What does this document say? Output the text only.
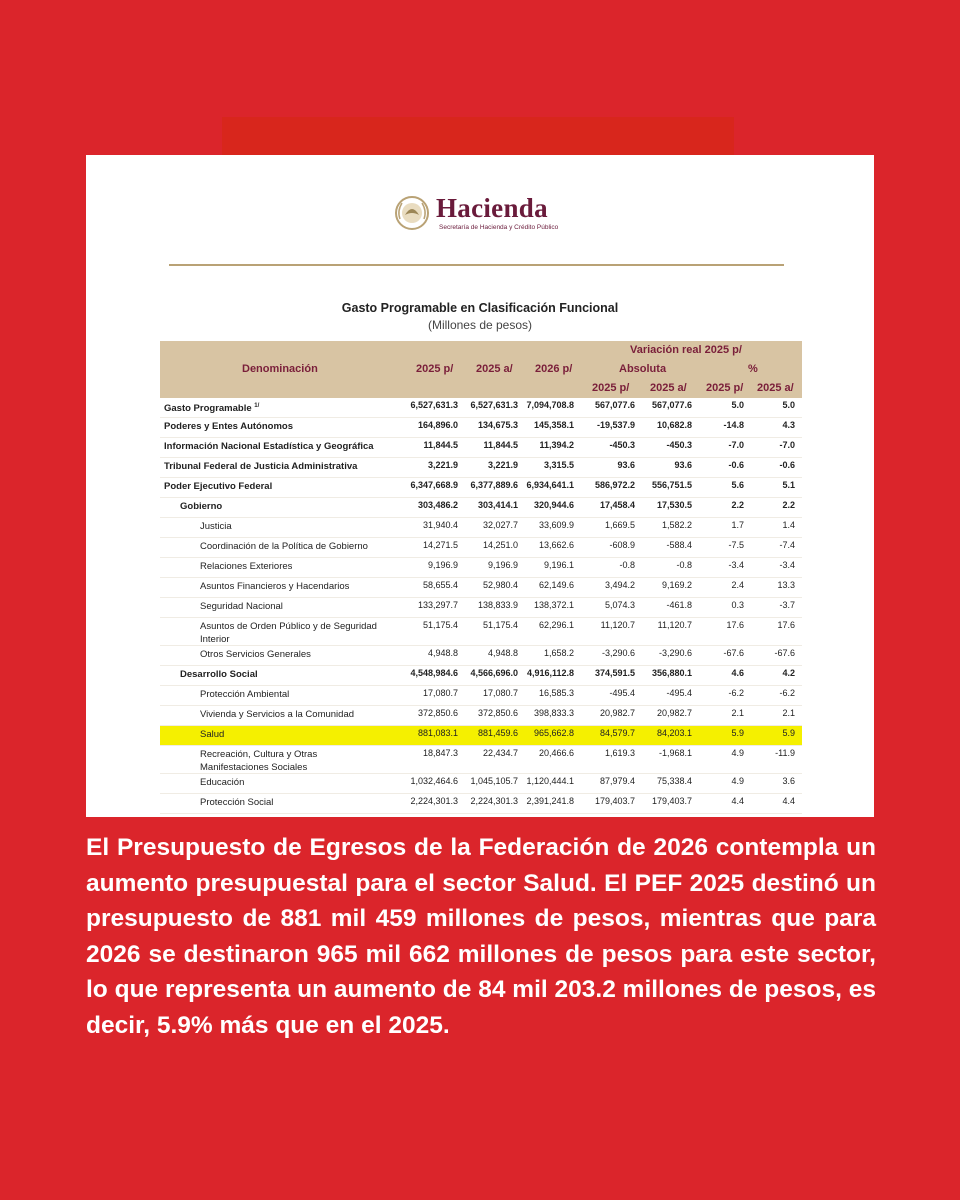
Hacienda
Secretaría de Hacienda y Crédito Público
Gasto Programable en Clasificación Funcional
(Millones de pesos)
Denominación	2025 p/ 2025 a/ 2026 p/
Variación real 2025 p/
Absoluta	%
2025 p/ 2025 a/ 2025 p/ 2025 a/
Gasto Programable $^{1/}$	6,527,631.3 6,527,631.3 7,094,708.8 567,077.6 567,077.6	5.0	5.0
Poderes y Entes Autónomos	164,896.0 134,675.3 145,358.1	-19,537.9 10,682.8	-14.8	4.3
Información Nacional Estadística y Geográfica	11,844.5	11,844.5 11,394.2	-450.3	-450.3	-7.0	-7.0
Tribunal Federal de Justicia Administrativa	3,221.9	3,221.9	3,315.5	93.6	93.6	-0.6	-0.6
Poder Ejecutivo Federal	6,347,668.9 6,377,889.6 6,934,641.1 586,972.2 556,751.5	5.6	5.1
Gobierno	303,486.2 303,414.1 320,944.6	17,458.4 17,530.5	2.2	2.2
Justicia	31,940.4	32,027.7 33,609.9	1,669.5	1,582.2	1.7	1.4
Coordinación de la Política de Gobierno	14,271.5	14,251.0 13,662.6	-608.9	-588.4	-7.5	-7.4
Relaciones Exteriores	9,196.9	9,196.9	9,196.1	-0.8	-0.8	-3.4	-3.4
Asuntos Financieros y Hacendarios	58,655.4	52,980.4 62,149.6	3,494.2	9,169.2	2.4	13.3
Seguridad Nacional	133,297.7 138,833.9 138,372.1	5,074.3	-461.8	0.3	-3.7
Asuntos de Orden Público y de Seguridad
Interior
51,175.4	51,175.4 62,296.1	11,120.7	11,120.7	17.6	17.6
Otros Servicios Generales	4,948.8	4,948.8	1,658.2	-3,290.6	-3,290.6	-67.6	-67.6
Desarrollo Social	4,548,984.6 4,566,696.0 4,916,112.8 374,591.5 356,880.1	4.6	4.2
Protección Ambiental	17,080.7	17,080.7 16,585.3	-495.4	-495.4	-6.2	-6.2
Vivienda y Servicios a la Comunidad	372,850.6 372,850.6 398,833.3	20,982.7 20,982.7	2.1	2.1
Salud	881,083.1 881,459.6 965,662.8	84,579.7 84,203.1	5.9	5.9
Recreación, Cultura y Otras
Manifestaciones Sociales
18,847.3	22,434.7 20,466.6	1,619.3	-1,968.1	4.9	-11.9
Educación	1,032,464.6 1,045,105.7 1,120,444.1	87,979.4 75,338.4	4.9	3.6
Protección Social	2,224,301.3 2,224,301.3 2,391,241.8 179,403.7 179,403.7	4.4	4.4
El Presupuesto de Egresos de la Federación de 2026 contempla un aumento presupuestal para el sector Salud. El PEF 2025 destinó un presupuesto de 881 mil 459 millones de pesos, mientras que para 2026 se destinaron 965 mil 662 millones de pesos para este sector, lo que representa un aumento de 84 mil 203.2 millones de pesos, es decir, 5.9% más que en el 2025.
